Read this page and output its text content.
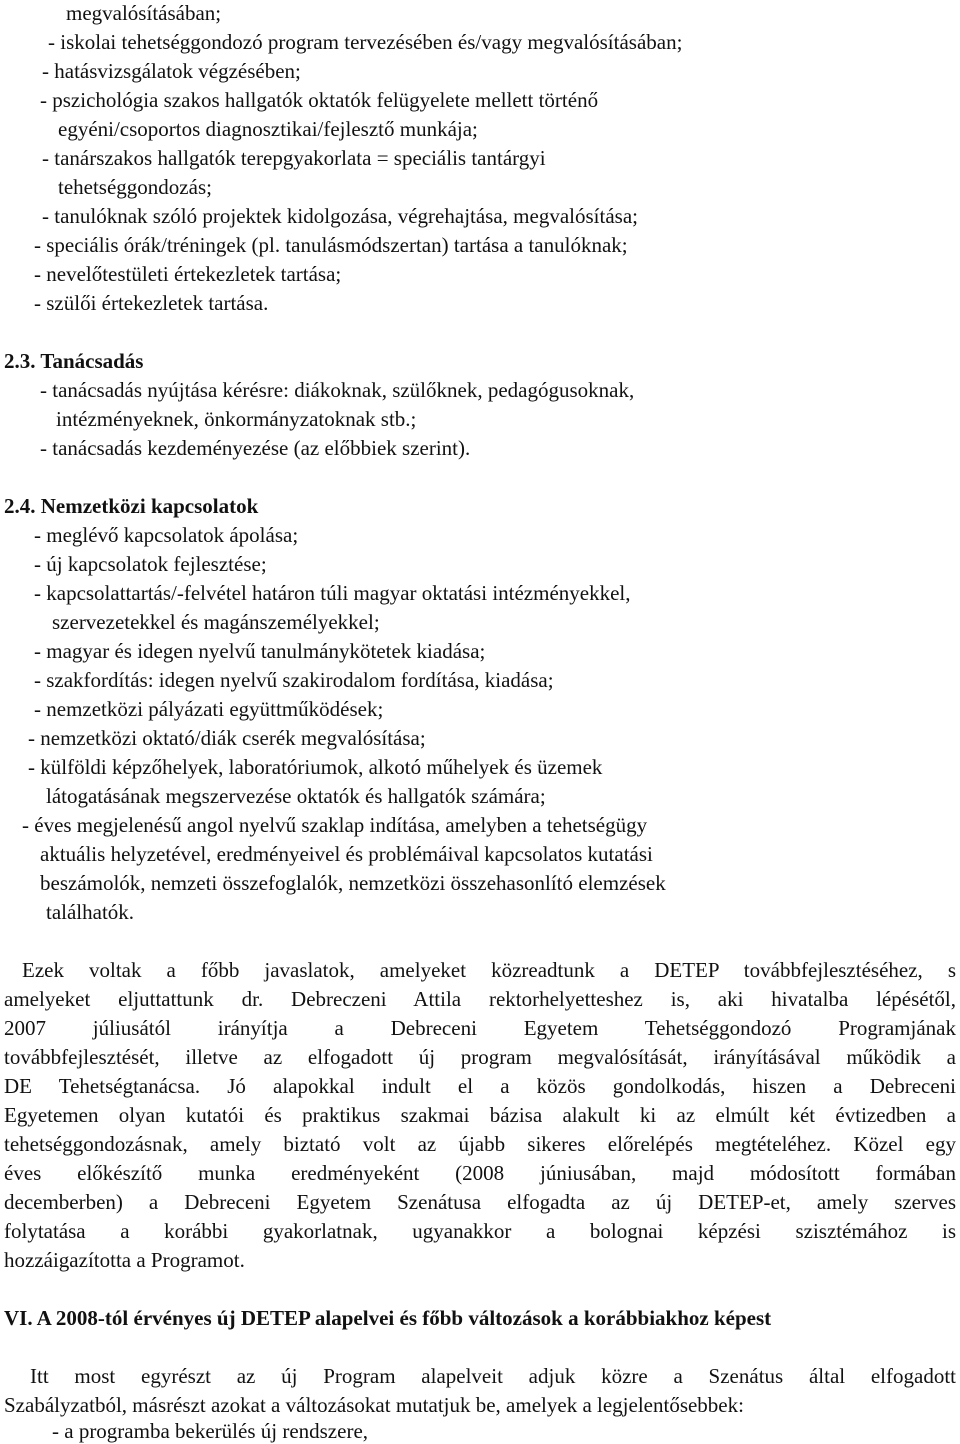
megvalósításában;
- iskolai tehetséggondozó program tervezésében és/vagy megvalósításában;
- hatásvizsgálatok végzésében;
- pszichológia szakos hallgatók oktatók felügyelete mellett történő
egyéni/csoportos diagnosztikai/fejlesztő munkája;
- tanárszakos hallgatók terepgyakorlata = speciális tantárgyi
tehetséggondozás;
- tanulóknak szóló projektek kidolgozása, végrehajtása, megvalósítása;
- speciális órák/tréningek (pl. tanulásmódszertan) tartása a tanulóknak;
- nevelőtestületi értekezletek tartása;
- szülői értekezletek tartása.
2.3. Tanácsadás
- tanácsadás nyújtása kérésre: diákoknak, szülőknek, pedagógusoknak,
intézményeknek, önkormányzatoknak stb.;
- tanácsadás kezdeményezése (az előbbiek szerint).
2.4. Nemzetközi kapcsolatok
- meglévő kapcsolatok ápolása;
- új kapcsolatok fejlesztése;
- kapcsolattartás/-felvétel határon túli magyar oktatási intézményekkel,
szervezetekkel és magánszemélyekkel;
- magyar és idegen nyelvű tanulmánykötetek kiadása;
- szakfordítás: idegen nyelvű szakirodalom fordítása, kiadása;
- nemzetközi pályázati együttműködések;
- nemzetközi oktató/diák cserék megvalósítása;
- külföldi képzőhelyek, laboratóriumok, alkotó műhelyek és üzemek
látogatásának megszervezése oktatók és hallgatók számára;
- éves megjelenésű angol nyelvű szaklap indítása, amelyben a tehetségügy
aktuális helyzetével, eredményeivel és problémáival kapcsolatos kutatási
beszámolók, nemzeti összefoglalók, nemzetközi összehasonlító elemzések
találhatók.
Ezek voltak a főbb javaslatok, amelyeket közreadtunk a DETEP továbbfejlesztéséhez, s
amelyeket eljuttattunk dr. Debreczeni Attila rektorhelyetteshez is, aki hivatalba lépésétől,
2007 júliusától irányítja a Debreceni Egyetem Tehetséggondozó Programjának
továbbfejlesztését, illetve az elfogadott új program megvalósítását, irányításával működik a
DE Tehetségtanácsa. Jó alapokkal indult el a közös gondolkodás, hiszen a Debreceni
Egyetemen olyan kutatói és praktikus szakmai bázisa alakult ki az elmúlt két évtizedben a
tehetséggondozásnak, amely biztató volt az újabb sikeres előrelépés megtételéhez. Közel egy
éves előkészítő munka eredményeként (2008 júniusában, majd módosított formában
decemberben) a Debreceni Egyetem Szenátusa elfogadta az új DETEP-et, amely szerves
folytatása a korábbi gyakorlatnak, ugyanakkor a bolognai képzési szisztémához is
hozzáigazította a Programot.
VI. A 2008-tól érvényes új DETEP alapelvei és főbb változások a korábbiakhoz képest
Itt most egyrészt az új Program alapelveit adjuk közre a Szenátus által elfogadott
Szabályzatból, másrészt azokat a változásokat mutatjuk be, amelyek a legjelentősebbek:
- a programba bekerülés új rendszere,
